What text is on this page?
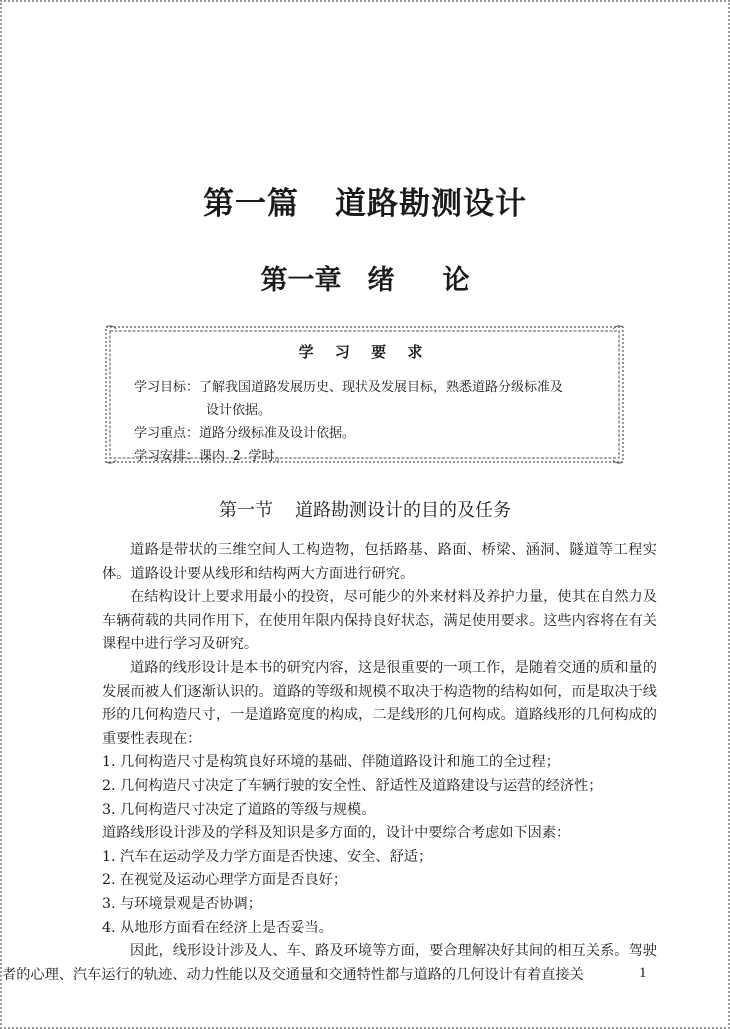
第一篇 道路勘测设计
第一章 绪 论
学 习 要 求
学习目标：了解我国道路发展历史、现状及发展目标，熟悉道路分级标准及
设计依据。
学习重点：道路分级标准及设计依据。
学习安排：课内 2 学时。
第一节 道路勘测设计的目的及任务

道路是带状的三维空间人工构造物，包括路基、路面、桥梁、涵洞、隧道等工程实体。道路设计要从线形和结构两大方面进行研究。

在结构设计上要求用最小的投资，尽可能少的外来材料及养护力量，使其在自然力及车辆荷载的共同作用下，在使用年限内保持良好状态，满足使用要求。这些内容将在有关课程中进行学习及研究。

道路的线形设计是本书的研究内容，这是很重要的一项工作，是随着交通的质和量的发展而被人们逐渐认识的。道路的等级和规模不取决于构造物的结构如何，而是取决于线形的几何构造尺寸，一是道路宽度的构成，二是线形的几何构成。道路线形的几何构成的重要性表现在：

1. 几何构造尺寸是构筑良好环境的基础、伴随道路设计和施工的全过程；

2. 几何构造尺寸决定了车辆行驶的安全性、舒适性及道路建设与运营的经济性；

3. 几何构造尺寸决定了道路的等级与规模。

道路线形设计涉及的学科及知识是多方面的，设计中要综合考虑如下因素：

1. 汽车在运动学及力学方面是否快速、安全、舒适；

2. 在视觉及运动心理学方面是否良好；

3. 与环境景观是否协调；

4. 从地形方面看在经济上是否妥当。

因此，线形设计涉及人、车、路及环境等方面，要合理解决好其间的相互关系。驾驶者的心理、汽车运行的轨迹、动力性能以及交通量和交通特性都与道路的几何设计有着直接关	1
